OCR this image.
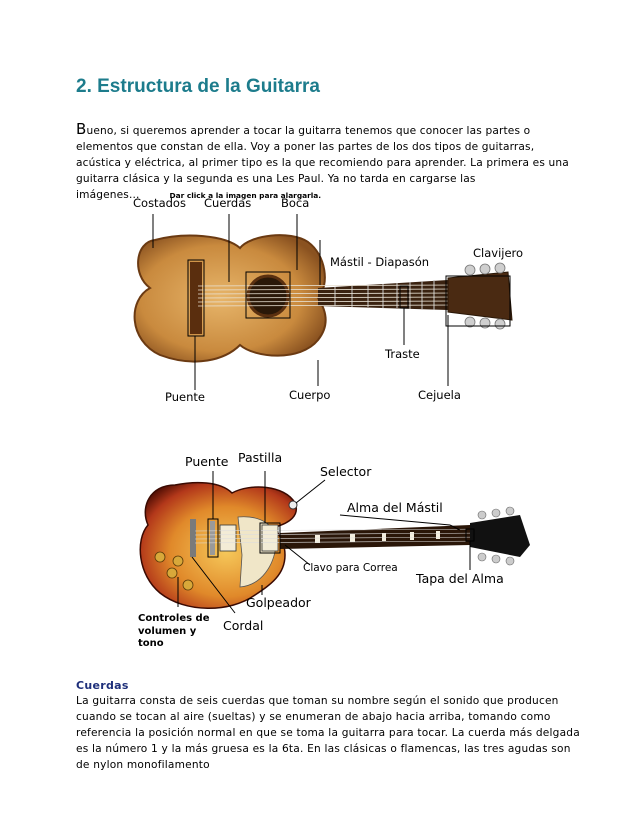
2. Estructura de la Guitarra

Bueno, si queremos aprender a tocar la guitarra tenemos que conocer las partes o elementos que constan de ella. Voy a poner las partes de los dos tipos de guitarras, acústica y eléctrica, al primer tipo es la que recomiendo para aprender. La primera es una guitarra clásica y la segunda es una Les Paul. Ya no tarda en cargarse las imágenes...	Dar click a la imagen para alargarla.

Costados Cuerdas	Boca
Mástil - Diapasón
Clavijero
Traste
Puente	Cuerpo	Cejuela
Puente Pastilla
Selector
Alma del Mástil
Clavo para Correa
Tapa del Alma
Golpeador
Controles de volumen y tono
Cordal
Cuerdas

La guitarra consta de seis cuerdas que toman su nombre según el sonido que producen cuando se tocan al aire (sueltas) y se enumeran de abajo hacia arriba, tomando como referencia la posición normal en que se toma la guitarra para tocar. La cuerda más delgada es la número 1 y la más gruesa es la 6ta. En las clásicas o flamencas, las tres agudas son de nylon monofilamento
